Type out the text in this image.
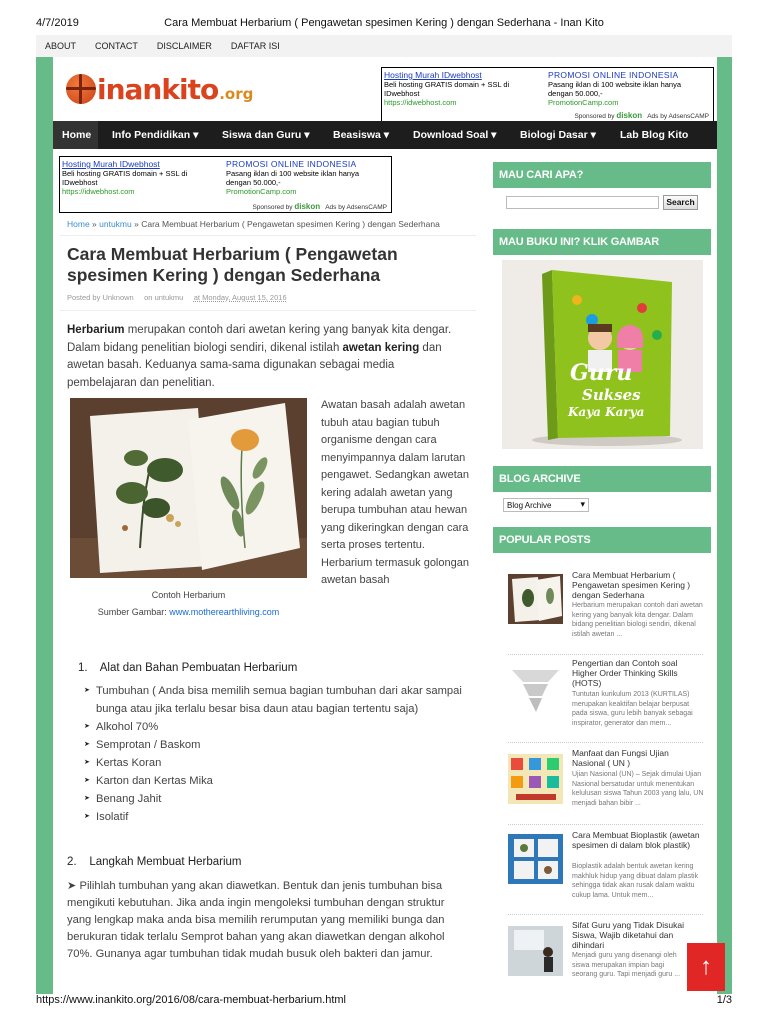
4/7/2019	Cara Membuat Herbarium ( Pengawetan spesimen Kering ) dengan Sederhana - Inan Kito
ABOUT CONTACT DISCLAIMER DAFTAR ISI
inankito .org
Hosting Murah IDwebhost
Beli hosting GRATIS domain + SSL di IDwebhost
https://idwebhost.com
PROMOSI ONLINE INDONESIA
Pasang iklan di 100 website iklan hanya dengan 50.000,-
PromotionCamp.com
Sponsored by diskon Ads by AdsensCAMP
Home Info Pendidikan ▾ Siswa dan Guru ▾ Beasiswa ▾ Download Soal ▾ Biologi Dasar ▾ Lab Blog Kito
Hosting Murah IDwebhost
Beli hosting GRATIS domain + SSL di IDwebhost
https://idwebhost.com
PROMOSI ONLINE INDONESIA
Pasang iklan di 100 website iklan hanya dengan 50.000,-
PromotionCamp.com
Sponsored by diskon Ads by AdsensCAMP
Home » untukmu » Cara Membuat Herbarium ( Pengawetan spesimen Kering ) dengan Sederhana
Cara Membuat Herbarium ( Pengawetan spesimen Kering ) dengan Sederhana
Posted by Unknown on untukmu at Monday, August 15, 2016

Herbarium merupakan contoh dari awetan kering yang banyak kita dengar. Dalam bidang penelitian biologi sendiri, dikenal istilah awetan kering dan awetan basah. Keduanya sama-sama digunakan sebagai media pembelajaran dan penelitian.

Contoh Herbarium
Sumber Gambar: www.motherearthliving.com

Awatan basah adalah awetan tubuh atau bagian tubuh organisme dengan cara menyimpannya dalam larutan pengawet. Sedangkan awetan kering adalah awetan yang berupa tumbuhan atau hewan yang dikeringkan dengan cara serta proses tertentu. Herbarium termasuk golongan awetan basah

1.    Alat dan Bahan Pembuatan Herbarium
➤ Tumbuhan ( Anda bisa memilih semua bagian tumbuhan dari akar sampai bunga atau jika terlalu besar bisa daun atau bagian tertentu saja)
➤ Alkohol 70%
➤ Semprotan / Baskom
➤ Kertas Koran
➤ Karton dan Kertas Mika
➤ Benang Jahit
➤ Isolatif
2.    Langkah Membuat Herbarium

➤ Pilihlah tumbuhan yang akan diawetkan. Bentuk dan jenis tumbuhan bisa mengikuti kebutuhan. Jika anda ingin mengoleksi tumbuhan dengan struktur yang lengkap maka anda bisa memilih rerumputan yang memiliki bunga dan berukuran tidak terlalu Semprot bahan yang akan diawetkan dengan alkohol 70%. Gunanya agar tumbuhan tidak mudah busuk oleh bakteri dan jamur.

MAU CARI APA?
Search
MAU BUKU INI? KLIK GAMBAR
Guru
Sukses
Kaya Karya
BLOG ARCHIVE
Blog Archive ▾
POPULAR POSTS
Cara Membuat Herbarium ( Pengawetan spesimen Kering ) dengan Sederhana
Herbarium merupakan contoh dari awetan kering yang banyak kita dengar. Dalam bidang penelitian biologi sendiri, dikenal istilah awetan ...
Pengertian dan Contoh soal Higher Order Thinking Skills (HOTS)
Tuntutan kurikulum 2013 (KURTILAS) merupakan keaktifan belajar berpusat pada siswa, guru lebih banyak sebagai inspirator, generator dan mem...
Manfaat dan Fungsi Ujian Nasional ( UN )
Ujian Nasional (UN) – Sejak dimulai Ujian Nasional bersatudar untuk menentukan kelulusan siswa Tahun 2003 yang lalu, UN menjadi bahan bibir ...
Cara Membuat Bioplastik (awetan spesimen di dalam blok plastik)
Bioplastik adalah bentuk awetan kering makhluk hidup yang dibuat dalam plastik sehingga tidak akan rusak dalam waktu cukup lama. Untuk mem...
Sifat Guru yang Tidak Disukai Siswa, Wajib diketahui dan dihindari
Menjadi guru yang disenangi oleh siswa merupakan impian bagi seorang guru. Tapi menjadi guru ... ↑
https://www.inankito.org/2016/08/cara-membuat-herbarium.html	1/3
